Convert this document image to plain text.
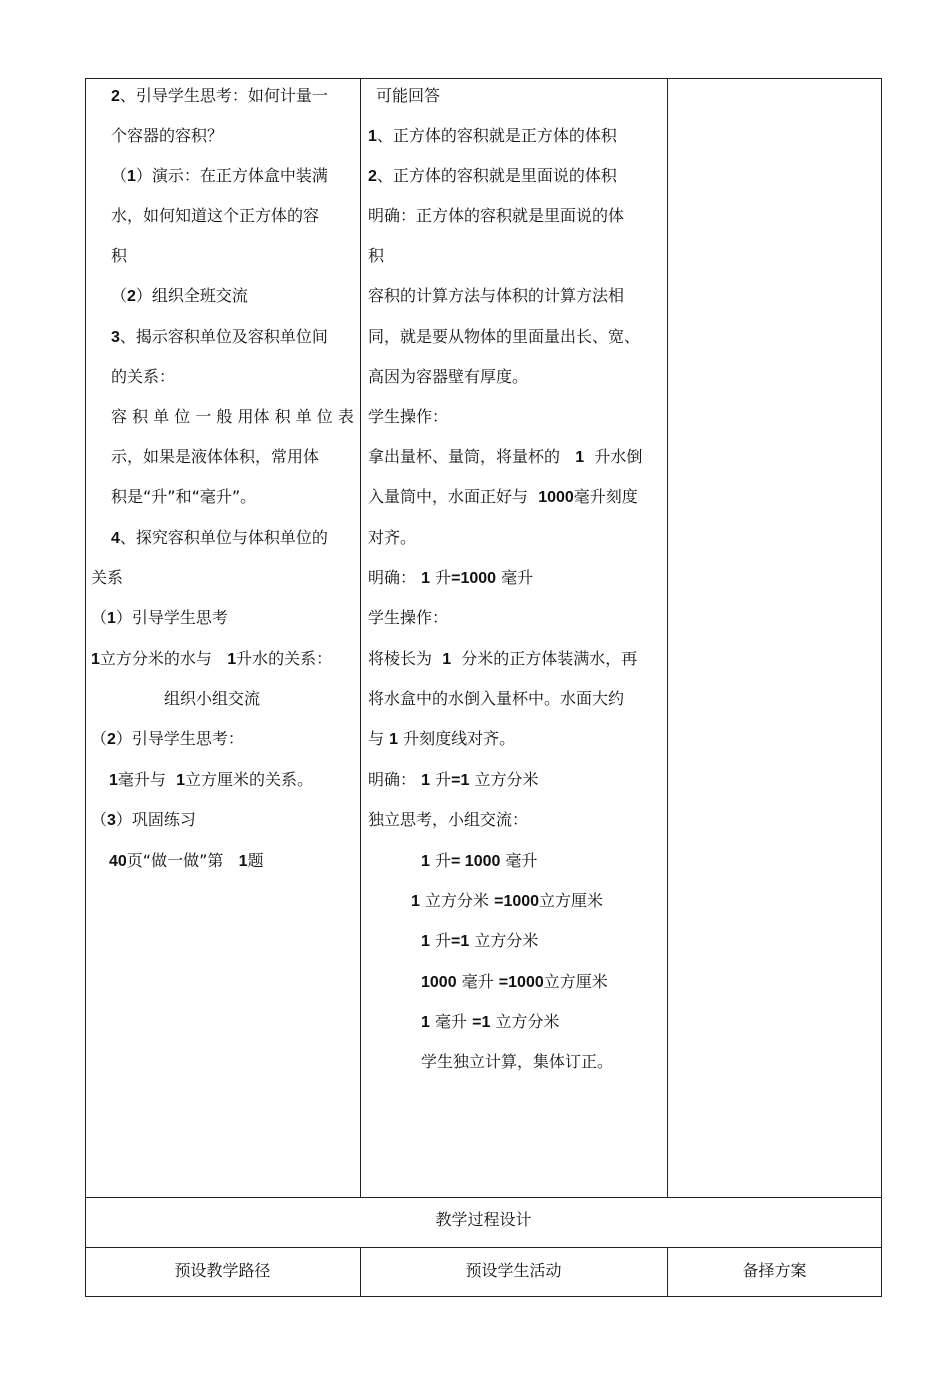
2、引导学生思考：如何计量一
个容器的容积？
（1）演示：在正方体盒中装满
水，如何知道这个正方体的容
积
（2）组织全班交流
3、揭示容积单位及容积单位间
的关系：
容 积 单 位 一 般 用体 积 单 位 表
示，如果是液体体积，常用体
积是“升”和“毫升”。
4、探究容积单位与体积单位的
关系
（1）引导学生思考
1立方分米的水与 1升水的关系：
组织小组交流
（2）引导学生思考：
1毫升与 1立方厘米的关系。
（3）巩固练习
40页“做一做”第 1题
可能回答
1、正方体的容积就是正方体的体积
2、正方体的容积就是里面说的体积
明确：正方体的容积就是里面说的体
积
容积的计算方法与体积的计算方法相
同，就是要从物体的里面量出长、宽、
高因为容器壁有厚度。
学生操作：
拿出量杯、量筒，将量杯的 1 升水倒
入量筒中，水面正好与 1000毫升刻度
对齐。
明确： 1 升=1000 毫升
学生操作：
将棱长为 1 分米的正方体装满水，再
将水盒中的水倒入量杯中。水面大约
与 1 升刻度线对齐。
明确： 1 升=1 立方分米
独立思考，小组交流：
1 升= 1000 毫升
1 立方分米 =1000立方厘米
1 升=1 立方分米
1000 毫升 =1000立方厘米
1 毫升 =1 立方分米
学生独立计算，集体订正。
教学过程设计
预设教学路径	预设学生活动	备择方案
